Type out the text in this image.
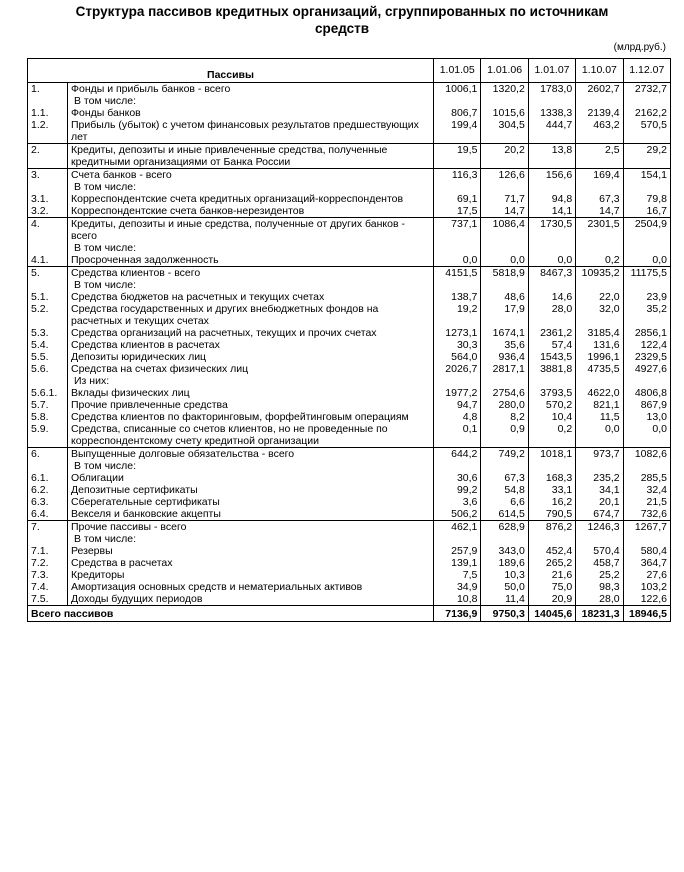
Структура пассивов кредитных организаций, сгруппированных по источникам
средств
(млрд.руб.)
Пассивы		1.01.05	1.01.06	1.01.07	1.10.07	1.12.07
1.	Фонды и прибыль банков - всего	1006,1	1320,2	1783,0	2602,7	2732,7
	В том числе:					
1.1.	Фонды банков	806,7	1015,6	1338,3	2139,4	2162,2
1.2.	Прибыль (убыток) с учетом финансовых результатов предшествующих лет	199,4	304,5	444,7	463,2	570,5
2.	Кредиты, депозиты и иные привлеченные средства, полученные кредитными организациями от Банка России	19,5	20,2	13,8	2,5	29,2
3.	Счета банков - всего	116,3	126,6	156,6	169,4	154,1
	В том числе:					
3.1.	Корреспондентские счета кредитных организаций-корреспондентов	69,1	71,7	94,8	67,3	79,8
3.2.	Корреспондентские счета банков-нерезидентов	17,5	14,7	14,1	14,7	16,7
4.	Кредиты, депозиты и иные средства, полученные от других банков - всего	737,1	1086,4	1730,5	2301,5	2504,9
	В том числе:					
4.1.	Просроченная задолженность	0,0	0,0	0,0	0,2	0,0
5.	Средства клиентов - всего	4151,5	5818,9	8467,3	10935,2	11175,5
	В том числе:					
5.1.	Средства бюджетов на расчетных и текущих счетах	138,7	48,6	14,6	22,0	23,9
5.2.	Средства государственных и других внебюджетных фондов на расчетных и текущих счетах	19,2	17,9	28,0	32,0	35,2
5.3.	Средства организаций на расчетных, текущих и прочих счетах	1273,1	1674,1	2361,2	3185,4	2856,1
5.4.	Средства клиентов в расчетах	30,3	35,6	57,4	131,6	122,4
5.5.	Депозиты юридических лиц	564,0	936,4	1543,5	1996,1	2329,5
5.6.	Средства на счетах физических лиц	2026,7	2817,1	3881,8	4735,5	4927,6
	Из них:					
5.6.1.	Вклады физических лиц	1977,2	2754,6	3793,5	4622,0	4806,8
5.7.	Прочие привлеченные средства	94,7	280,0	570,2	821,1	867,9
5.8.	Средства клиентов по факторинговым, форфейтинговым операциям	4,8	8,2	10,4	11,5	13,0
5.9.	Средства, списанные со счетов клиентов, но не проведенные по корреспондентскому счету кредитной организации	0,1	0,9	0,2	0,0	0,0
6.	Выпущенные долговые обязательства - всего	644,2	749,2	1018,1	973,7	1082,6
	В том числе:					
6.1.	Облигации	30,6	67,3	168,3	235,2	285,5
6.2.	Депозитные сертификаты	99,2	54,8	33,1	34,1	32,4
6.3.	Сберегательные сертификаты	3,6	6,6	16,2	20,1	21,5
6.4.	Векселя и банковские акцепты	506,2	614,5	790,5	674,7	732,6
7.	Прочие пассивы - всего	462,1	628,9	876,2	1246,3	1267,7
	В том числе:					
7.1.	Резервы	257,9	343,0	452,4	570,4	580,4
7.2.	Средства в расчетах	139,1	189,6	265,2	458,7	364,7
7.3.	Кредиторы	7,5	10,3	21,6	25,2	27,6
7.4.	Амортизация основных средств и нематериальных активов	34,9	50,0	75,0	98,3	103,2
7.5.	Доходы будущих периодов	10,8	11,4	20,9	28,0	122,6
Всего пассивов		7136,9	9750,3	14045,6	18231,3	18946,5
